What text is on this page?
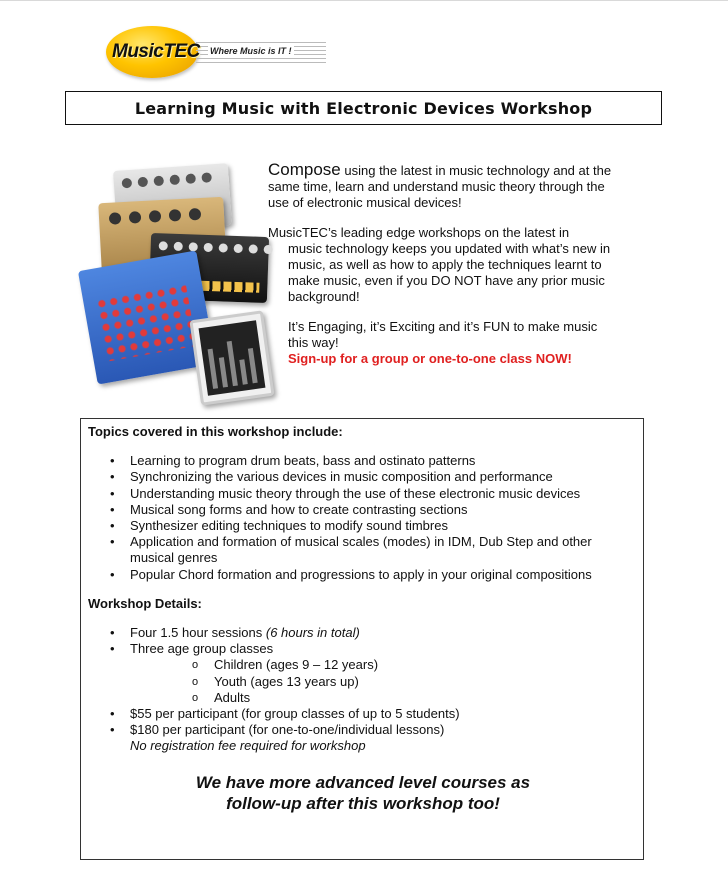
MusicTEC Where Music is IT !
Learning Music with Electronic Devices Workshop

Compose using the latest in music technology and at the same time, learn and understand music theory through the use of electronic musical devices!

MusicTEC’s leading edge workshops on the latest in
music technology keeps you updated with what’s new in music, as well as how to apply the techniques learnt to make music, even if you DO NOT have any prior music background!

It’s Engaging, it’s Exciting and it’s FUN to make music this way!

Sign-up for a group or one-to-one class NOW!

Topics covered in this workshop include:
• Learning to program drum beats, bass and ostinato patterns
• Synchronizing the various devices in music composition and performance
• Understanding music theory through the use of these electronic music devices
• Musical song forms and how to create contrasting sections
• Synthesizer editing techniques to modify sound timbres
• Application and formation of musical scales (modes) in IDM, Dub Step and other musical genres
• Popular Chord formation and progressions to apply in your original compositions
Workshop Details:
• Four 1.5 hour sessions (6 hours in total)
• Three age group classes
o Children (ages 9 – 12 years)
o Youth (ages 13 years up)
o Adults
• $55 per participant (for group classes of up to 5 students)
• $180 per participant (for one-to-one/individual lessons)
No registration fee required for workshop
We have more advanced level courses as
follow-up after this workshop too!
